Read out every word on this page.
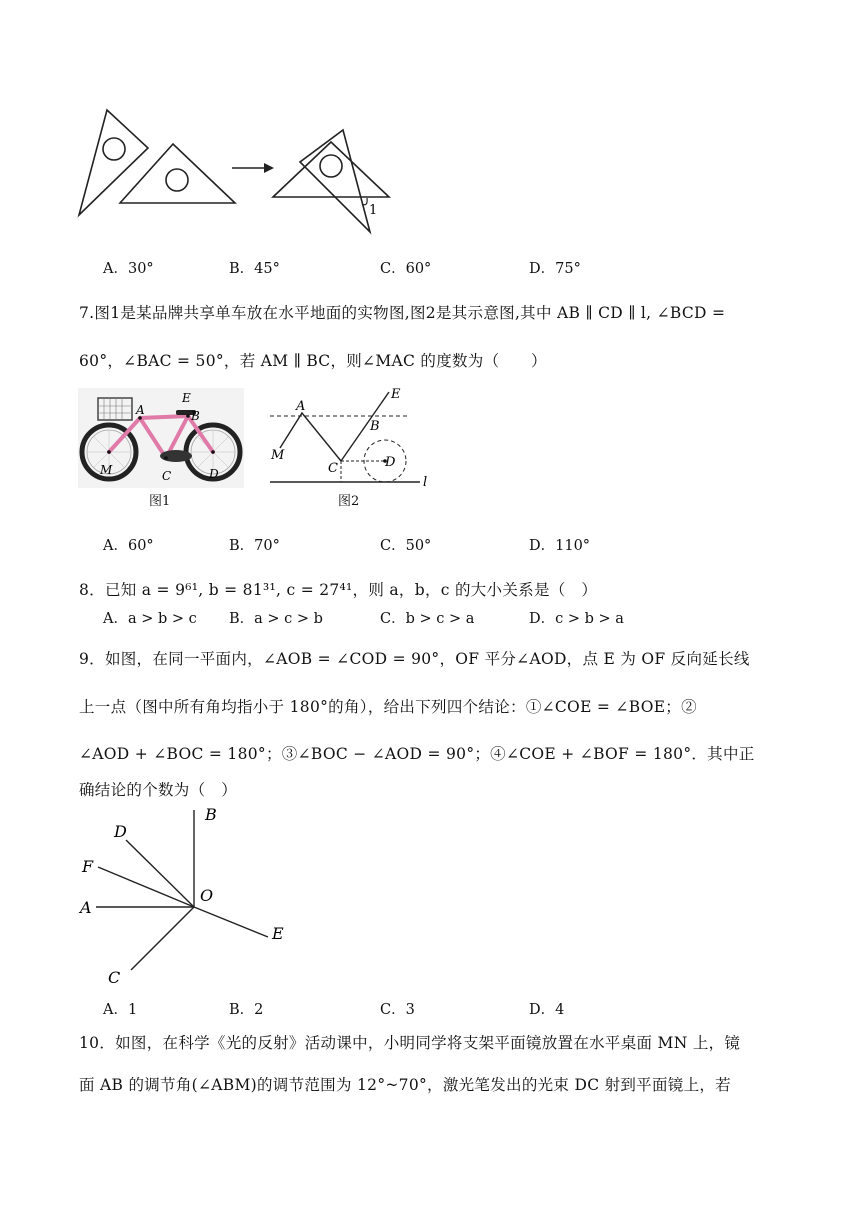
1
A．30°	B．45°	C．60°	D．75°
7.图1是某品牌共享单车放在水平地面的实物图,图2是其示意图,其中 AB ∥ CD ∥ l, ∠BCD =
60°，∠BAC = 50°，若 AM ∥ BC，则∠MAC 的度数为（　　）
A
E
B
M	C	D
图1
A
E
B
M
C	D
l
图2
A．60°	B．70°	C．50°	D．110°
8．已知 a = 9⁶¹, b = 81³¹, c = 27⁴¹，则 a，b，c 的大小关系是（　）
A．a > b > c B．a > c > b	C．b > c > a	D．c > b > a
9．如图，在同一平面内，∠AOB = ∠COD = 90°，OF 平分∠AOD，点 E 为 OF 反向延长线
上一点（图中所有角均指小于 180°的角），给出下列四个结论：①∠COE = ∠BOE；②
∠AOD + ∠BOC = 180°；③∠BOC − ∠AOD = 90°；④∠COE + ∠BOF = 180°．其中正
确结论的个数为（　）
B
D
F
A
O
E
C
A．1	B．2	C．3	D．4
10．如图，在科学《光的反射》活动课中，小明同学将支架平面镜放置在水平桌面 MN 上，镜
面 AB 的调节角(∠ABM)的调节范围为 12°~70°，激光笔发出的光束 DC 射到平面镜上，若
